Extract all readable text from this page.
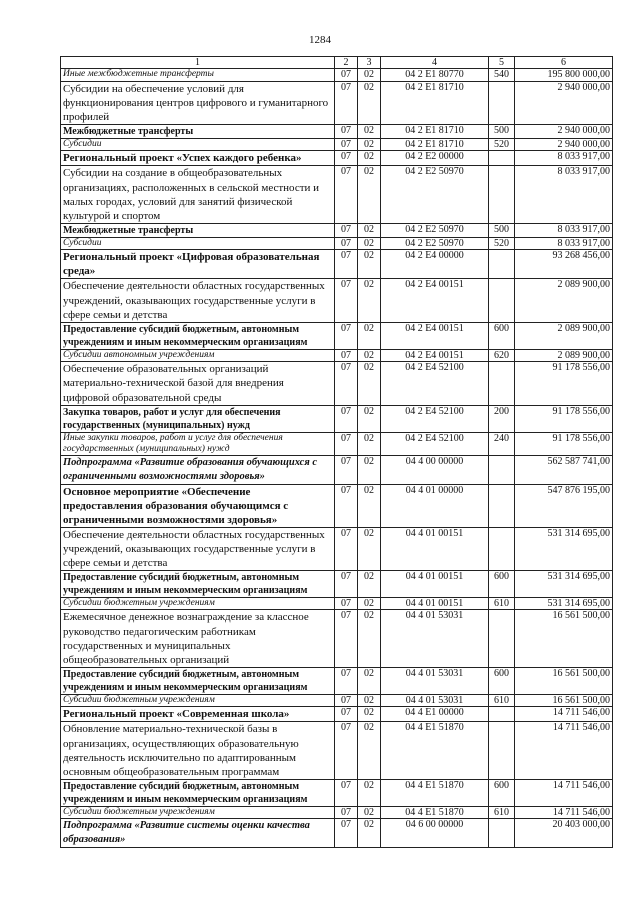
1284
1	2	3	4	5	6
Иные межбюджетные трансферты	07	02	04 2 E1 80770	540	195 800 000,00
Субсидии на обеспечение условий для функционирования центров цифрового и гуманитарного профилей	07	02	04 2 E1 81710		2 940 000,00
Межбюджетные трансферты	07	02	04 2 E1 81710	500	2 940 000,00
Субсидии	07	02	04 2 E1 81710	520	2 940 000,00
Региональный проект «Успех каждого ребенка»	07	02	04 2 E2 00000		8 033 917,00
Субсидии на создание в общеобразовательных организациях, расположенных в сельской местности и малых городах, условий для занятий физической культурой и спортом	07	02	04 2 E2 50970		8 033 917,00
Межбюджетные трансферты	07	02	04 2 E2 50970	500	8 033 917,00
Субсидии	07	02	04 2 E2 50970	520	8 033 917,00
Региональный проект «Цифровая образовательная среда»	07	02	04 2 E4 00000		93 268 456,00
Обеспечение деятельности областных государственных учреждений, оказывающих государственные услуги в сфере семьи и детства	07	02	04 2 E4 00151		2 089 900,00
Предоставление субсидий бюджетным, автономным учреждениям и иным некоммерческим организациям	07	02	04 2 E4 00151	600	2 089 900,00
Субсидии автономным учреждениям	07	02	04 2 E4 00151	620	2 089 900,00
Обеспечение образовательных организаций материально-технической базой для внедрения цифровой образовательной среды	07	02	04 2 E4 52100		91 178 556,00
Закупка товаров, работ и услуг для обеспечения государственных (муниципальных) нужд	07	02	04 2 E4 52100	200	91 178 556,00
Иные закупки товаров, работ и услуг для обеспечения государственных (муниципальных) нужд	07	02	04 2 E4 52100	240	91 178 556,00
Подпрограмма «Развитие образования обучающихся с ограниченными возможностями здоровья»	07	02	04 4 00 00000		562 587 741,00
Основное мероприятие «Обеспечение предоставления образования обучающимся с ограниченными возможностями здоровья»	07	02	04 4 01 00000		547 876 195,00
Обеспечение деятельности областных государственных учреждений, оказывающих государственные услуги в сфере семьи и детства	07	02	04 4 01 00151		531 314 695,00
Предоставление субсидий бюджетным, автономным учреждениям и иным некоммерческим организациям	07	02	04 4 01 00151	600	531 314 695,00
Субсидии бюджетным учреждениям	07	02	04 4 01 00151	610	531 314 695,00
Ежемесячное денежное вознаграждение за классное руководство педагогическим работникам государственных и муниципальных общеобразовательных организаций	07	02	04 4 01 53031		16 561 500,00
Предоставление субсидий бюджетным, автономным учреждениям и иным некоммерческим организациям	07	02	04 4 01 53031	600	16 561 500,00
Субсидии бюджетным учреждениям	07	02	04 4 01 53031	610	16 561 500,00
Региональный проект «Современная школа»	07	02	04 4 E1 00000		14 711 546,00
Обновление материально-технической базы в организациях, осуществляющих образовательную деятельность исключительно по адаптированным основным общеобразовательным программам	07	02	04 4 E1 51870		14 711 546,00
Предоставление субсидий бюджетным, автономным учреждениям и иным некоммерческим организациям	07	02	04 4 E1 51870	600	14 711 546,00
Субсидии бюджетным учреждениям	07	02	04 4 E1 51870	610	14 711 546,00
Подпрограмма «Развитие системы оценки качества образования»	07	02	04 6 00 00000		20 403 000,00
